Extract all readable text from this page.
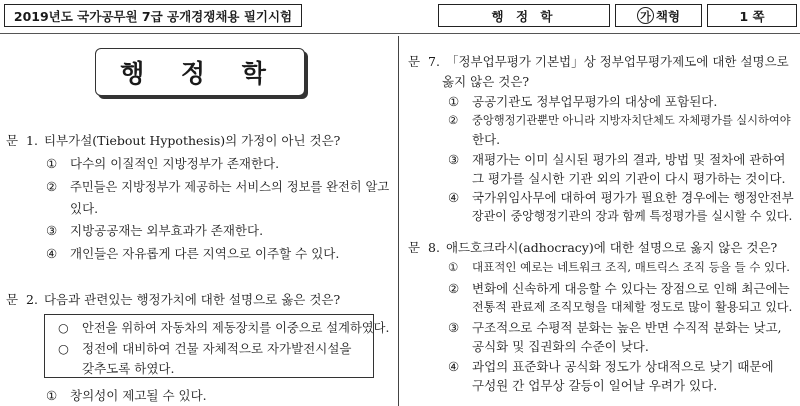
2019년도 국가공무원 7급 공개경쟁채용 필기시험	행 정 학	가 책형	1 쪽
행 정 학
문 1. 티부가설(Tiebout Hypothesis)의 가정이 아닌 것은?
① 다수의 이질적인 지방정부가 존재한다.
② 주민들은 지방정부가 제공하는 서비스의 정보를 완전히 알고
있다.
③ 지방공공재는 외부효과가 존재한다.
④ 개인들은 자유롭게 다른 지역으로 이주할 수 있다.
문 2. 다음과 관련있는 행정가치에 대한 설명으로 옳은 것은?
○ 안전을 위하여 자동차의 제동장치를 이중으로 설계하였다.
○ 정전에 대비하여 건물 자체적으로 자가발전시설을
갖추도록 하였다.
① 창의성이 제고될 수 있다.
문 7. 「정부업무평가 기본법」상 정부업무평가제도에 대한 설명으로
옳지 않은 것은?
① 공공기관도 정부업무평가의 대상에 포함된다.
② 중앙행정기관뿐만 아니라 지방자치단체도 자체평가를 실시하여야
한다.
③ 재평가는 이미 실시된 평가의 결과, 방법 및 절차에 관하여
그 평가를 실시한 기관 외의 기관이 다시 평가하는 것이다.
④ 국가위임사무에 대하여 평가가 필요한 경우에는 행정안전부
장관이 중앙행정기관의 장과 함께 특정평가를 실시할 수 있다.
문 8. 애드호크라시(adhocracy)에 대한 설명으로 옳지 않은 것은?
① 대표적인 예로는 네트워크 조직, 매트릭스 조직 등을 들 수 있다.
② 변화에 신속하게 대응할 수 있다는 장점으로 인해 최근에는
전통적 관료제 조직모형을 대체할 정도로 많이 활용되고 있다.
③ 구조적으로 수평적 분화는 높은 반면 수직적 분화는 낮고,
공식화 및 집권화의 수준이 낮다.
④ 과업의 표준화나 공식화 정도가 상대적으로 낮기 때문에
구성원 간 업무상 갈등이 일어날 우려가 있다.
